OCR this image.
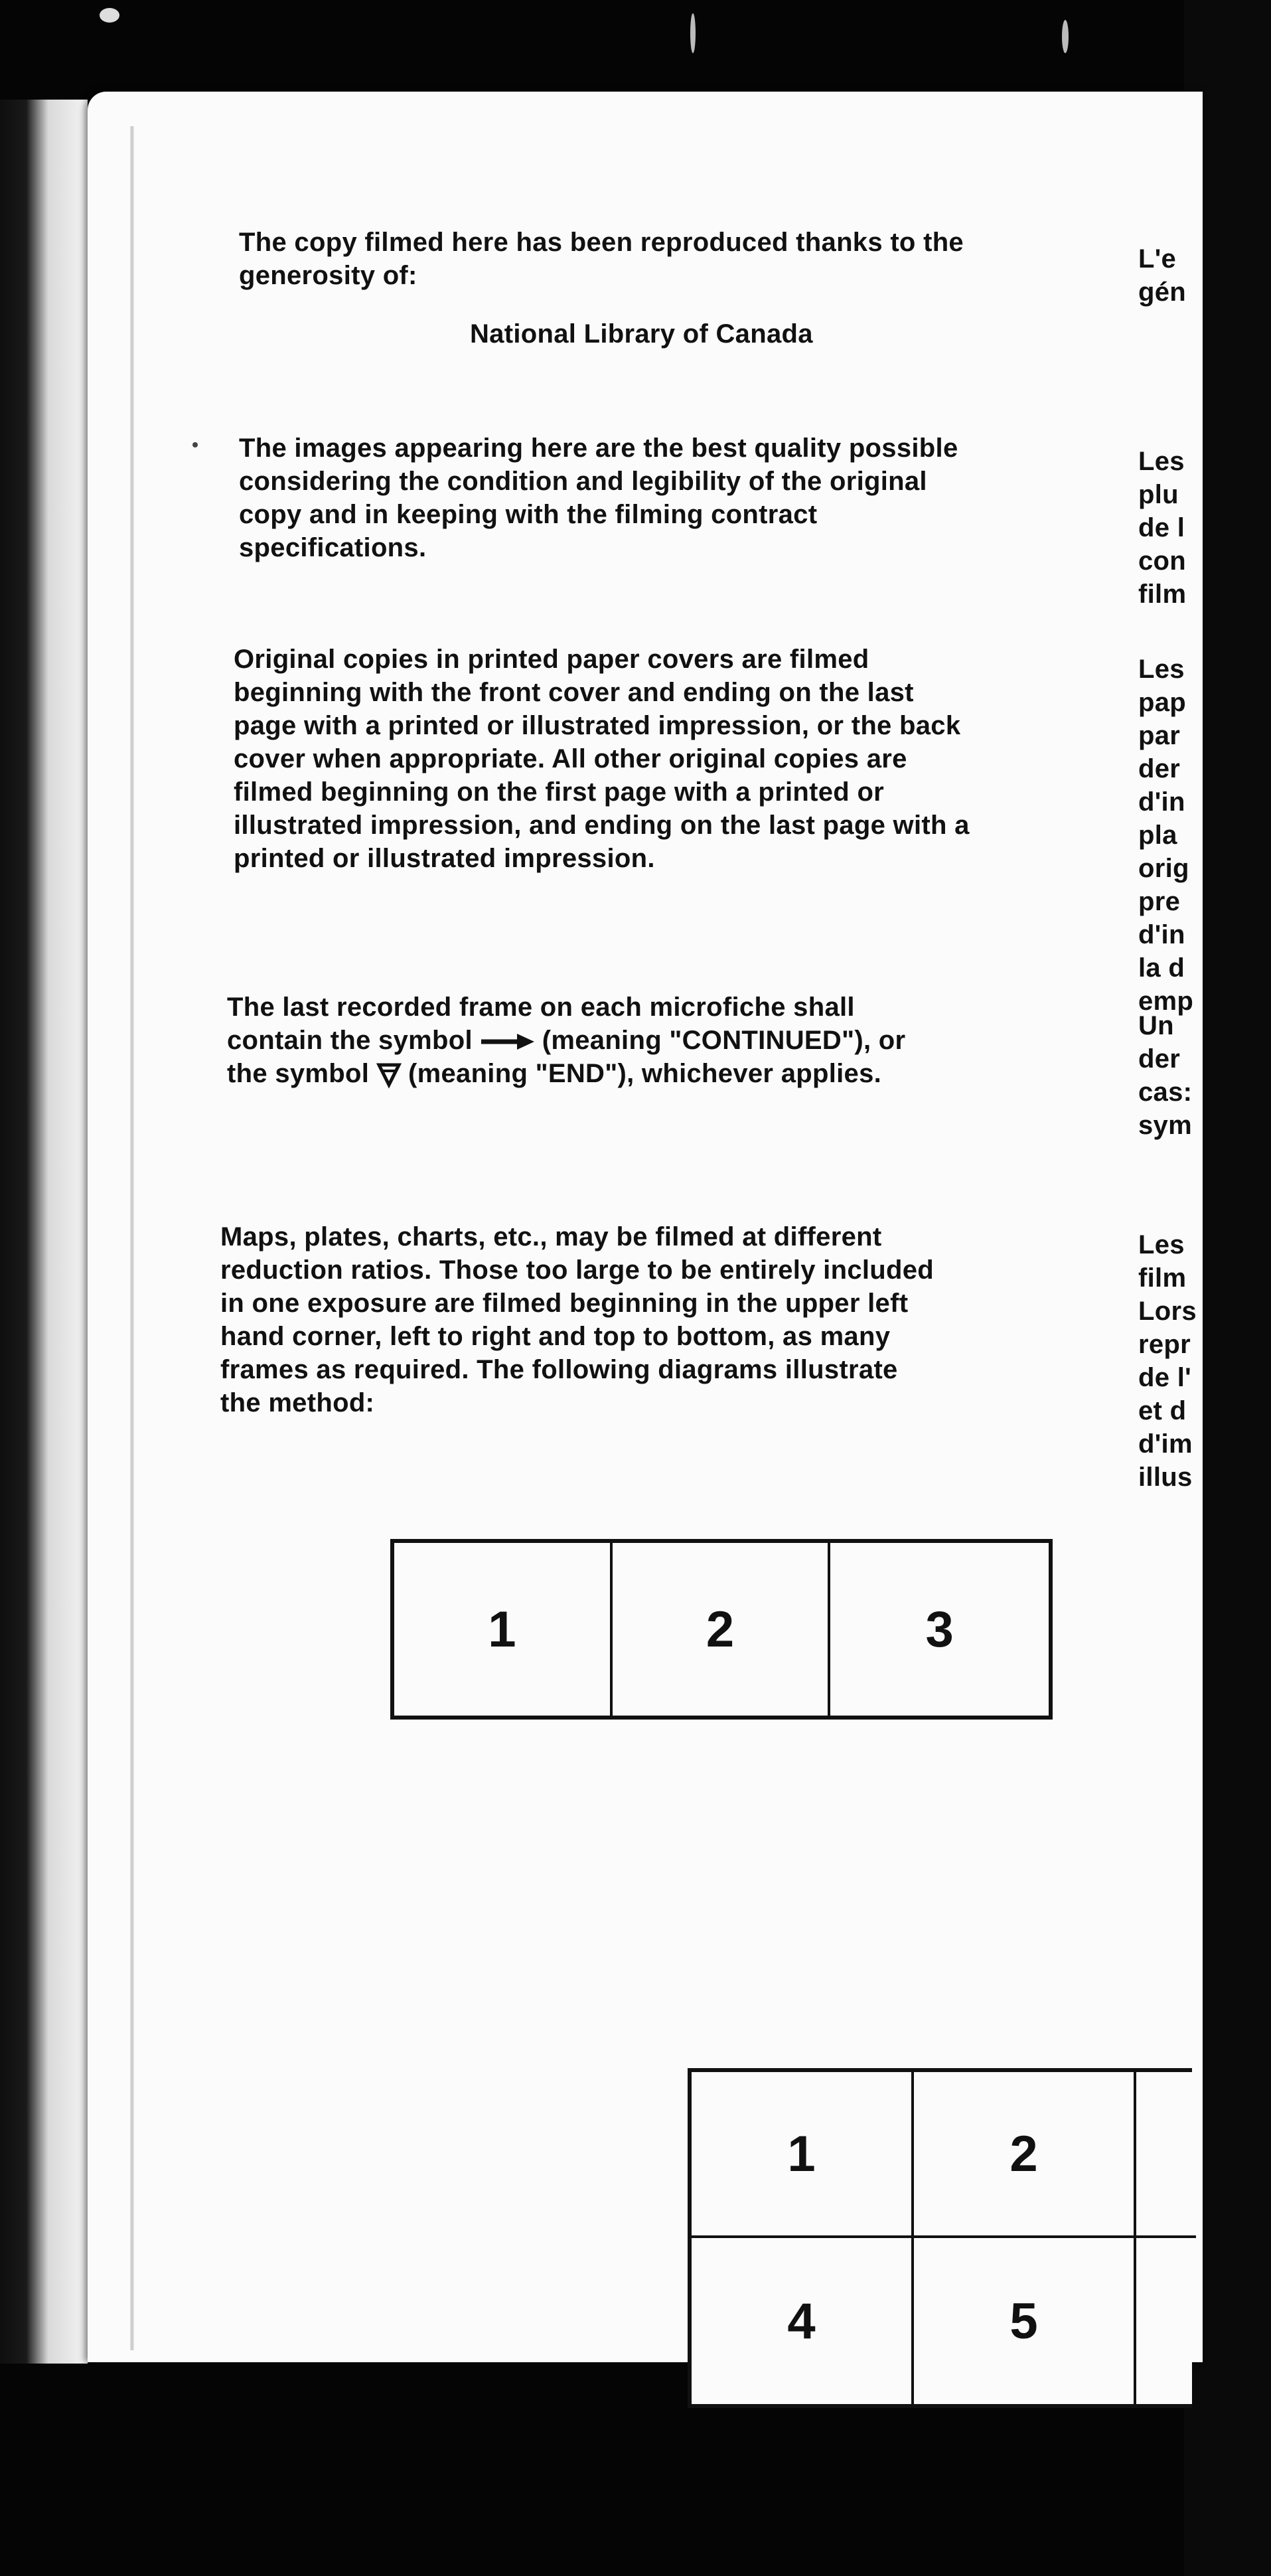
The copy filmed here has been reproduced thanks to the generosity of:

National Library of Canada

The images appearing here are the best quality possible considering the condition and legibility of the original copy and in keeping with the filming contract specifications.

Original copies in printed paper covers are filmed beginning with the front cover and ending on the last page with a printed or illustrated impression, or the back cover when appropriate. All other original copies are filmed beginning on the first page with a printed or illustrated impression, and ending on the last page with a printed or illustrated impression.

The last recorded frame on each microfiche shall contain the symbol	(meaning "CONTINUED"), or the symbol (meaning "END"), whichever applies.

Maps, plates, charts, etc., may be filmed at different reduction ratios. Those too large to be entirely included in one exposure are filmed beginning in the upper left hand corner, left to right and top to bottom, as many frames as required. The following diagrams illustrate the method:

L'e
gén

Les
plu
de l
con
film

Les
pap
par
der
d'in
pla
orig
pre
d'in
la d
emp

Un
der
cas:
sym

Les
film
Lors
repr
de l'
et d
d'im
illus

1	2	3
1	2
4	5
